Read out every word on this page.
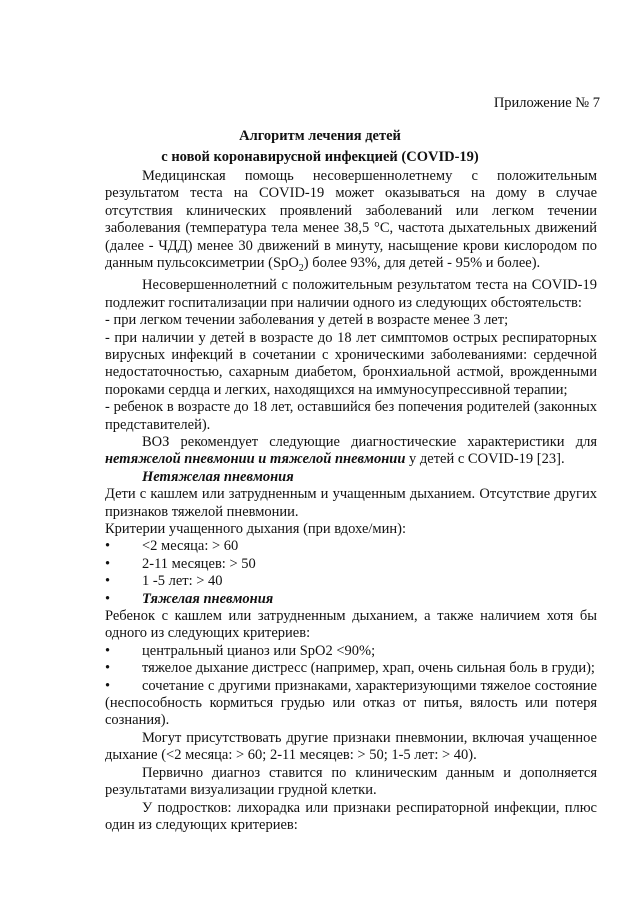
Приложение № 7
Алгоритм лечения детей
с новой коронавирусной инфекцией (COVID-19)

Медицинская помощь несовершеннолетнему с положительным результатом теста на COVID-19 может оказываться на дому в случае отсутствия клинических проявлений заболеваний или легком течении заболевания (температура тела менее 38,5 °С, частота дыхательных движений (далее - ЧДД) менее 30 движений в минуту, насыщение крови кислородом по данным пульсоксиметрии (SpO$_2$) более 93%, для детей - 95% и более).

Несовершеннолетний с положительным результатом теста на COVID-19 подлежит госпитализации при наличии одного из следующих обстоятельств:

- при легком течении заболевания у детей в возрасте менее 3 лет;

- при наличии у детей в возрасте до 18 лет симптомов острых респираторных вирусных инфекций в сочетании с хроническими заболеваниями: сердечной недостаточностью, сахарным диабетом, бронхиальной астмой, врожденными пороками сердца и легких, находящихся на иммуносупрессивной терапии;

- ребенок в возрасте до 18 лет, оставшийся без попечения родителей (законных представителей).

ВОЗ рекомендует следующие диагностические характеристики для нетяжелой пневмонии и тяжелой пневмонии у детей с COVID-19 [23].

Нетяжелая пневмония

Дети с кашлем или затрудненным и учащенным дыханием. Отсутствие других признаков тяжелой пневмонии.

Критерии учащенного дыхания (при вдохе/мин):

• <2 месяца: > 60
• 2-11 месяцев: > 50
• 1 -5 лет: > 40
• Тяжелая пневмония

Ребенок с кашлем или затрудненным дыханием, а также наличием хотя бы одного из следующих критериев:

• центральный цианоз или SpO2 <90%;

• тяжелое дыхание дистресс (например, храп, очень сильная боль в груди);

• сочетание с другими признаками, характеризующими тяжелое состояние (неспособность кормиться грудью или отказ от питья, вялость или потеря сознания).

Могут присутствовать другие признаки пневмонии, включая учащенное дыхание (<2 месяца: > 60; 2-11 месяцев: > 50; 1-5 лет: > 40).

Первично диагноз ставится по клиническим данным и дополняется результатами визуализации грудной клетки.

У подростков: лихорадка или признаки респираторной инфекции, плюс один из следующих критериев:
